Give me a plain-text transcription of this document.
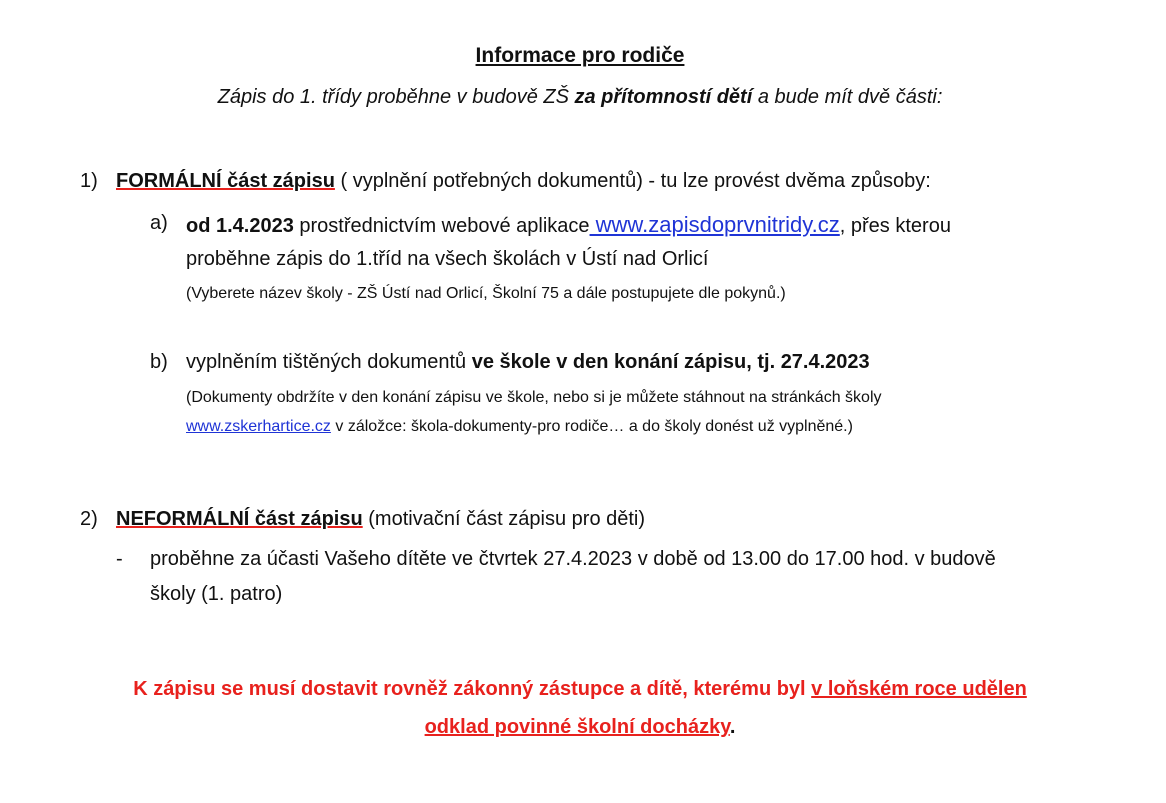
Informace pro rodiče
Zápis do 1. třídy proběhne v budově ZŠ za přítomností dětí a bude mít dvě části:
1) FORMÁLNÍ část zápisu ( vyplnění potřebných dokumentů) - tu lze provést dvěma způsoby:
a) od 1.4.2023 prostřednictvím webové aplikace www.zapisdoprvnitridy.cz, přes kterou
proběhne zápis do 1.tříd na všech školách v Ústí nad Orlicí
(Vyberete název školy - ZŠ Ústí nad Orlicí, Školní 75 a dále postupujete dle pokynů.)
b) vyplněním tištěných dokumentů ve škole v den konání zápisu, tj. 27.4.2023
(Dokumenty obdržíte v den konání zápisu ve škole, nebo si je můžete stáhnout na stránkách školy
www.zskerhartice.cz v záložce: škola-dokumenty-pro rodiče… a do školy donést už vyplněné.)
2) NEFORMÁLNÍ část zápisu (motivační část zápisu pro děti)
- proběhne za účasti Vašeho dítěte ve čtvrtek 27.4.2023 v době od 13.00 do 17.00 hod. v budově
školy (1. patro)
K zápisu se musí dostavit rovněž zákonný zástupce a dítě, kterému byl v loňském roce udělen
odklad povinné školní docházky.
